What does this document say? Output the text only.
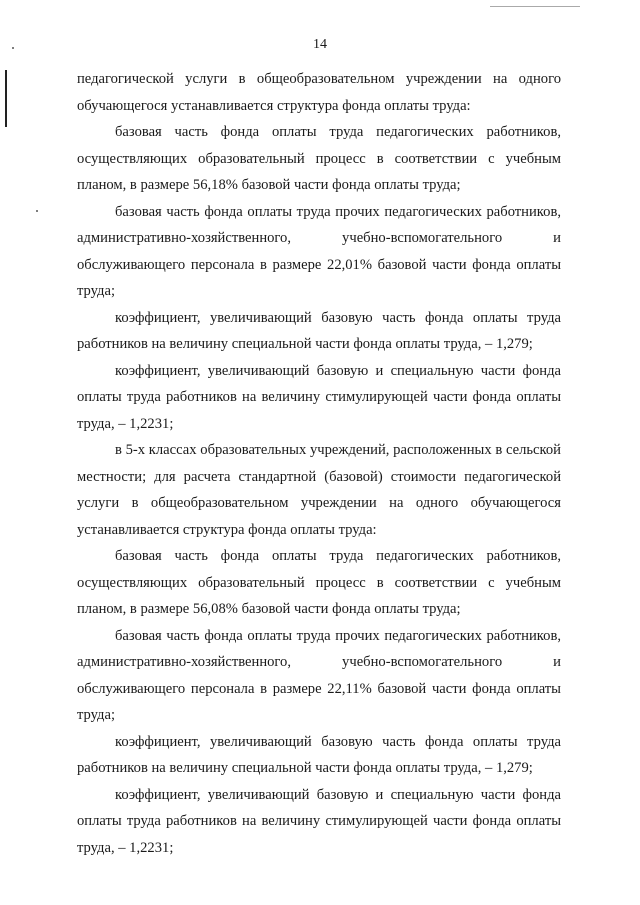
14

педагогической услуги в общеобразовательном учреждении на одного обучающегося устанавливается структура фонда оплаты труда:

базовая часть фонда оплаты труда педагогических работников, осуществляющих образовательный процесс в соответствии с учебным планом, в размере 56,18% базовой части фонда оплаты труда;

базовая часть фонда оплаты труда прочих педагогических работников, административно-хозяйственного, учебно-вспомогательного и обслуживающего персонала в размере 22,01% базовой части фонда оплаты труда;

коэффициент, увеличивающий базовую часть фонда оплаты труда работников на величину специальной части фонда оплаты труда, – 1,279;

коэффициент, увеличивающий базовую и специальную части фонда оплаты труда работников на величину стимулирующей части фонда оплаты труда, – 1,2231;

в 5-х классах образовательных учреждений, расположенных в сельской местности; для расчета стандартной (базовой) стоимости педагогической услуги в общеобразовательном учреждении на одного обучающегося устанавливается структура фонда оплаты труда:

базовая часть фонда оплаты труда педагогических работников, осуществляющих образовательный процесс в соответствии с учебным планом, в размере 56,08% базовой части фонда оплаты труда;

базовая часть фонда оплаты труда прочих педагогических работников, административно-хозяйственного, учебно-вспомогательного и обслуживающего персонала в размере 22,11% базовой части фонда оплаты труда;

коэффициент, увеличивающий базовую часть фонда оплаты труда работников на величину специальной части фонда оплаты труда, – 1,279;

коэффициент, увеличивающий базовую и специальную части фонда оплаты труда работников на величину стимулирующей части фонда оплаты труда, – 1,2231;
